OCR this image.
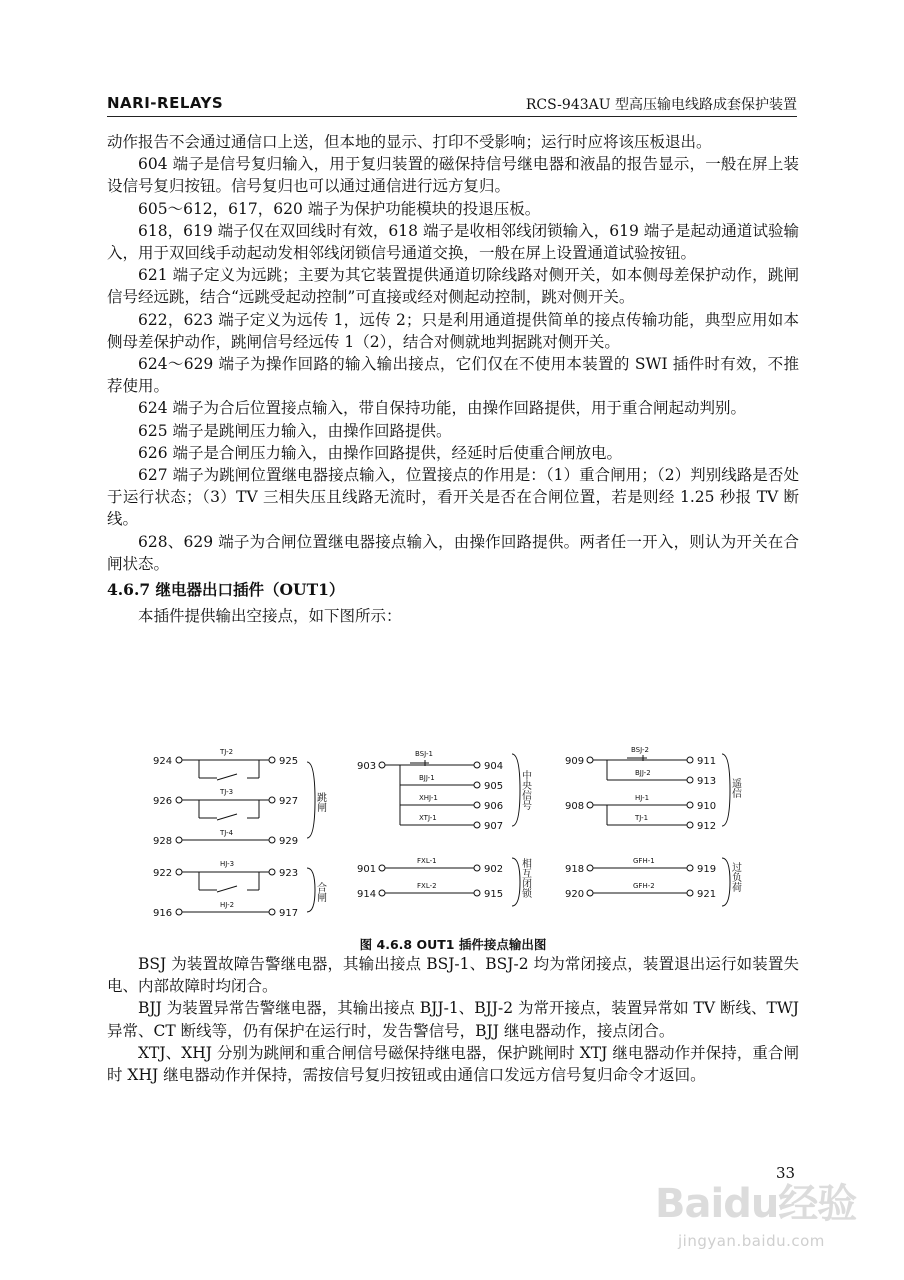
NARI-RELAYS	RCS-943AU 型高压输电线路成套保护装置

动作报告不会通过通信口上送，但本地的显示、打印不受影响；运行时应将该压板退出。

604 端子是信号复归输入，用于复归装置的磁保持信号继电器和液晶的报告显示，一般在屏上装设信号复归按钮。信号复归也可以通过通信进行远方复归。

605～612，617，620 端子为保护功能模块的投退压板。

618，619 端子仅在双回线时有效，618 端子是收相邻线闭锁输入，619 端子是起动通道试验输入，用于双回线手动起动发相邻线闭锁信号通道交换，一般在屏上设置通道试验按钮。

621 端子定义为远跳；主要为其它装置提供通道切除线路对侧开关，如本侧母差保护动作，跳闸信号经远跳，结合“远跳受起动控制”可直接或经对侧起动控制，跳对侧开关。

622，623 端子定义为远传 1，远传 2；只是利用通道提供简单的接点传输功能，典型应用如本侧母差保护动作，跳闸信号经远传 1（2），结合对侧就地判据跳对侧开关。

624～629 端子为操作回路的输入输出接点，它们仅在不使用本装置的 SWI 插件时有效，不推荐使用。

624 端子为合后位置接点输入，带自保持功能，由操作回路提供，用于重合闸起动判别。

625 端子是跳闸压力输入，由操作回路提供。

626 端子是合闸压力输入，由操作回路提供，经延时后使重合闸放电。

627 端子为跳闸位置继电器接点输入，位置接点的作用是：（1）重合闸用；（2）判别线路是否处于运行状态；（3）TV 三相失压且线路无流时，看开关是否在合闸位置，若是则经 1.25 秒报 TV 断线。

628、629 端子为合闸位置继电器接点输入，由操作回路提供。两者任一开入，则认为开关在合闸状态。

4.6.7 继电器出口插件（OUT1）

本插件提供输出空接点，如下图所示：

924	925
926	927
928	929
922	923
916	917
903	904
905
906
907
901	902
914	915
909	911
913
908	910
912
918	919
920	921
TJ-2
TJ-3
TJ-4
HJ-3
HJ-2
BSJ-1
BJJ-1
XHJ-1
XTJ-1
FXL-1
FXL-2
BSJ-2
BJJ-2
HJ-1
TJ-1
GFH-1
GFH-2
跳闸
合闸
中央信号
相互闭锁
遥信
过负荷
图 4.6.8 OUT1 插件接点输出图

BSJ 为装置故障告警继电器，其输出接点 BSJ-1、BSJ-2 均为常闭接点，装置退出运行如装置失电、内部故障时均闭合。

BJJ 为装置异常告警继电器，其输出接点 BJJ-1、BJJ-2 为常开接点，装置异常如 TV 断线、TWJ 异常、CT 断线等，仍有保护在运行时，发告警信号，BJJ 继电器动作，接点闭合。

XTJ、XHJ 分别为跳闸和重合闸信号磁保持继电器，保护跳闸时 XTJ 继电器动作并保持，重合闸时 XHJ 继电器动作并保持，需按信号复归按钮或由通信口发远方信号复归命令才返回。

33
Baidu经验
jingyan.baidu.com
